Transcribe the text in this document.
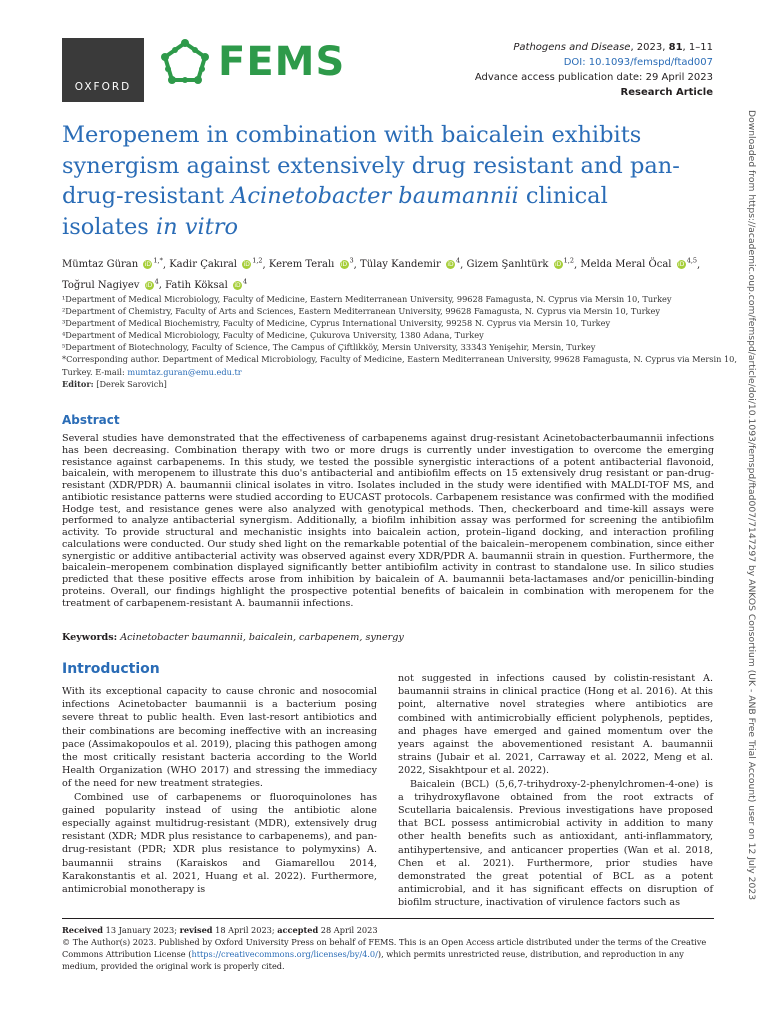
OXFORD
FEMS	Pathogens and Disease, 2023, 81, 1–11
DOI: 10.1093/femspd/ftad007
Advance access publication date: 29 April 2023
Research Article
Meropenem in combination with baicalein exhibits synergism against extensively drug resistant and pan-drug-resistant Acinetobacter baumannii clinical isolates in vitro
Mümtaz Güran iD $^{1,*}$, Kadir Çakıral iD $^{1,2}$, Kerem Teralı iD $^3$, Tülay Kandemir iD $^4$, Gizem Şanlıtürk iD $^{1,2}$, Melda Meral Öcal iD $^{4,5}$,
Toğrul Nagiyev iD $^4$, Fatih Köksal iD $^4$
¹Department of Medical Microbiology, Faculty of Medicine, Eastern Mediterranean University, 99628 Famagusta, N. Cyprus via Mersin 10, Turkey
²Department of Chemistry, Faculty of Arts and Sciences, Eastern Mediterranean University, 99628 Famagusta, N. Cyprus via Mersin 10, Turkey
³Department of Medical Biochemistry, Faculty of Medicine, Cyprus International University, 99258 N. Cyprus via Mersin 10, Turkey
⁴Department of Medical Microbiology, Faculty of Medicine, Çukurova University, 1380 Adana, Turkey
⁵Department of Biotechnology, Faculty of Science, The Campus of Çiftlikköy, Mersin University, 33343 Yenişehir, Mersin, Turkey
*Corresponding author. Department of Medical Microbiology, Faculty of Medicine, Eastern Mediterranean University, 99628 Famagusta, N. Cyprus via Mersin 10,
Turkey. E-mail: mumtaz.guran@emu.edu.tr
Editor: [Derek Sarovich]
Abstract
Several studies have demonstrated that the effectiveness of carbapenems against drug-resistant Acinetobacterbaumannii infections has been decreasing. Combination therapy with two or more drugs is currently under investigation to overcome the emerging resistance against carbapenems. In this study, we tested the possible synergistic interactions of a potent antibacterial flavonoid, baicalein, with meropenem to illustrate this duo's antibacterial and antibiofilm effects on 15 extensively drug resistant or pan-drug-resistant (XDR/PDR) A. baumannii clinical isolates in vitro. Isolates included in the study were identified with MALDI-TOF MS, and antibiotic resistance patterns were studied according to EUCAST protocols. Carbapenem resistance was confirmed with the modified Hodge test, and resistance genes were also analyzed with genotypical methods. Then, checkerboard and time-kill assays were performed to analyze antibacterial synergism. Additionally, a biofilm inhibition assay was performed for screening the antibiofilm activity. To provide structural and mechanistic insights into baicalein action, protein–ligand docking, and interaction profiling calculations were conducted. Our study shed light on the remarkable potential of the baicalein–meropenem combination, since either synergistic or additive antibacterial activity was observed against every XDR/PDR A. baumannii strain in question. Furthermore, the baicalein–meropenem combination displayed significantly better antibiofilm activity in contrast to standalone use. In silico studies predicted that these positive effects arose from inhibition by baicalein of A. baumannii beta-lactamases and/or penicillin-binding proteins. Overall, our findings highlight the prospective potential benefits of baicalein in combination with meropenem for the treatment of carbapenem-resistant A. baumannii infections.
Keywords: Acinetobacter baumannii, baicalein, carbapenem, synergy
Introduction

With its exceptional capacity to cause chronic and nosocomial infections Acinetobacter baumannii is a bacterium posing severe threat to public health. Even last-resort antibiotics and their combinations are becoming ineffective with an increasing pace (Assimakopoulos et al. 2019), placing this pathogen among the most critically resistant bacteria according to the World Health Organization (WHO 2017) and stressing the immediacy of the need for new treatment strategies.

Combined use of carbapenems or fluoroquinolones has gained popularity instead of using the antibiotic alone especially against multidrug-resistant (MDR), extensively drug resistant (XDR; MDR plus resistance to carbapenems), and pan-drug-resistant (PDR; XDR plus resistance to polymyxins) A. baumannii strains (Karaiskos and Giamarellou 2014, Karakonstantis et al. 2021, Huang et al. 2022). Furthermore, antimicrobial monotherapy is

not suggested in infections caused by colistin-resistant A. baumannii strains in clinical practice (Hong et al. 2016). At this point, alternative novel strategies where antibiotics are combined with antimicrobially efficient polyphenols, peptides, and phages have emerged and gained momentum over the years against the abovementioned resistant A. baumannii strains (Jubair et al. 2021, Carraway et al. 2022, Meng et al. 2022, Sisakhtpour et al. 2022).

Baicalein (BCL) (5,6,7-trihydroxy-2-phenylchromen-4-one) is a trihydroxyflavone obtained from the root extracts of Scutellaria baicalensis. Previous investigations have proposed that BCL possess antimicrobial activity in addition to many other health benefits such as antioxidant, anti-inflammatory, antihypertensive, and anticancer properties (Wan et al. 2018, Chen et al. 2021). Furthermore, prior studies have demonstrated the great potential of BCL as a potent antimicrobial, and it has significant effects on disruption of biofilm structure, inactivation of virulence factors such as

Received 13 January 2023; revised 18 April 2023; accepted 28 April 2023
© The Author(s) 2023. Published by Oxford University Press on behalf of FEMS. This is an Open Access article distributed under the terms of the Creative Commons Attribution License (https://creativecommons.org/licenses/by/4.0/), which permits unrestricted reuse, distribution, and reproduction in any medium, provided the original work is properly cited.
Downloaded from https://academic.oup.com/femspd/article/doi/10.1093/femspd/ftad007/7147297 by ANKOS Consortium (UK - ANB Free Trial Account) user on 12 July 2023
